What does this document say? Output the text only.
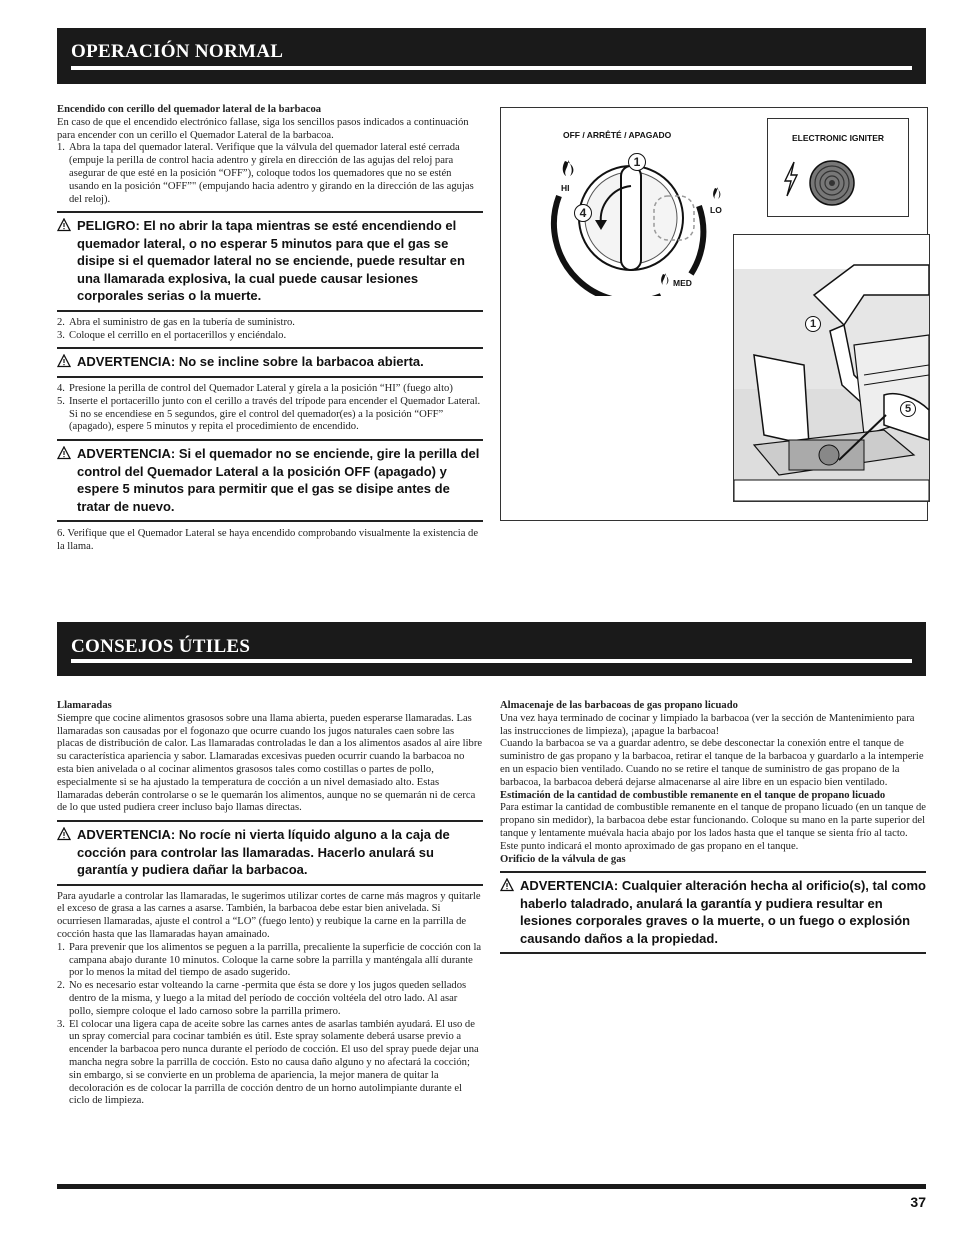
OPERACIÓN NORMAL

Encendido con cerillo del quemador lateral de la barbacoa

En caso de que el encendido electrónico fallase, siga los sencillos pasos indicados a continuación para encender con un cerillo el Quemador Lateral de la barbacoa.

1. Abra la tapa del quemador lateral. Verifique que la válvula del quemador lateral esté cerrada (empuje la perilla de control hacia adentro y gírela en dirección de las agujas del reloj para asegurar de que esté en la posición “OFF”), coloque todos los quemadores que no se estén usando en la posición “OFF”" (empujando hacia adentro y girando en la dirección de las agujas del reloj).
PELIGRO: El no abrir la tapa mientras se esté encendiendo el quemador lateral, o no esperar 5 minutos para que el gas se disipe si el quemador lateral no se enciende, puede resultar en una llamarada explosiva, la cual puede causar lesiones corporales serias o la muerte.
2. Abra el suministro de gas en la tubería de suministro.
3. Coloque el cerrillo en el portacerillos y enciéndalo.
ADVERTENCIA: No se incline sobre la barbacoa abierta.
4. Presione la perilla de control del Quemador Lateral y gírela a la posición “HI” (fuego alto)
5. Inserte el portacerillo junto con el cerillo a través del trípode para encender el Quemador Lateral. Si no se encendiese en 5 segundos, gire el control del quemador(es) a la posición “OFF” (apagado), espere 5 minutos y repita el procedimiento de encendido.
ADVERTENCIA: Si el quemador no se enciende, gire la perilla del control del Quemador Lateral a la posición OFF (apagado) y espere 5 minutos para permitir que el gas se disipe antes de tratar de nuevo.

6. Verifique que el Quemador Lateral se haya encendido comprobando visualmente la existencia de la llama.

OFF / ARRÊTÉ / APAGADO
HI
LO
MED
1
4
ELECTRONIC IGNITER
1
5
CONSEJOS ÚTILES

Llamaradas

Siempre que cocine alimentos grasosos sobre una llama abierta, pueden esperarse llamaradas. Las llamaradas son causadas por el fogonazo que ocurre cuando los jugos naturales caen sobre las placas de distribución de calor. Las llamaradas controladas le dan a los alimentos asados al aire libre su característica apariencia y sabor. Llamaradas excesivas pueden ocurrir cuando la barbacoa no esta bien anivelada o al cocinar alimentos grasosos tales como costillas o partes de pollo, especialmente si se ha ajustado la temperatura de cocción a un nivel demasiado alto. Estas llamaradas deberán controlarse o se le quemarán los alimentos, aunque no se quemarán ni de cerca de lo que usted pudiera creer incluso bajo llamas directas.

ADVERTENCIA: No rocíe ni vierta líquido alguno a la caja de cocción para controlar las llamaradas. Hacerlo anulará su garantía y pudiera dañar la barbacoa.

Para ayudarle a controlar las llamaradas, le sugerimos utilizar cortes de carne más magros y quitarle el exceso de grasa a las carnes a asarse. También, la barbacoa debe estar bien anivelada. Si ocurriesen llamaradas, ajuste el control a “LO” (fuego lento) y reubique la carne en la parrilla de cocción hasta que las llamaradas hayan amainado.

1. Para prevenir que los alimentos se peguen a la parrilla, precaliente la superficie de cocción con la campana abajo durante 10 minutos. Coloque la carne sobre la parrilla y manténgala allí durante por lo menos la mitad del tiempo de asado sugerido.
2. No es necesario estar volteando la carne -permita que ésta se dore y los jugos queden sellados dentro de la misma, y luego a la mitad del período de cocción voltéela del otro lado. Al asar pollo, siempre coloque el lado carnoso sobre la parrilla primero.
3. El colocar una ligera capa de aceite sobre las carnes antes de asarlas también ayudará. El uso de un spray comercial para cocinar también es útil. Este spray solamente deberá usarse previo a encender la barbacoa pero nunca durante el período de cocción. El uso del spray puede dejar una mancha negra sobre la parrilla de cocción. Esto no causa daño alguno y no afectará la cocción; sin embargo, si se convierte en un problema de apariencia, la mejor manera de quitar la decoloración es de colocar la parrilla de cocción dentro de un horno autolimpiante durante el ciclo de limpieza.

Almacenaje de las barbacoas de gas propano licuado

Una vez haya terminado de cocinar y limpiado la barbacoa (ver la sección de Mantenimiento para las instrucciones de limpieza), ¡apague la barbacoa!

Cuando la barbacoa se va a guardar adentro, se debe desconectar la conexión entre el tanque de suministro de gas propano y la barbacoa, retirar el tanque de la barbacoa y guardarlo a la intemperie en un espacio bien ventilado. Cuando no se retire el tanque de suministro de gas propano de la barbacoa, la barbacoa deberá dejarse almacenarse al aire libre en un espacio bien ventilado.

Estimación de la cantidad de combustible remanente en el tanque de propano licuado

Para estimar la cantidad de combustible remanente en el tanque de propano licuado (en un tanque de propano sin medidor), la barbacoa debe estar funcionando. Coloque su mano en la parte superior del tanque y lentamente muévala hacia abajo por los lados hasta que el tanque se sienta frío al tacto. Este punto indicará el monto aproximado de gas propano en el tanque.

Orificio de la válvula de gas

ADVERTENCIA: Cualquier alteración hecha al orificio(s), tal como haberlo taladrado, anulará la garantía y pudiera resultar en lesiones corporales graves o la muerte, o un fuego o explosión causando daños a la propiedad.
37
